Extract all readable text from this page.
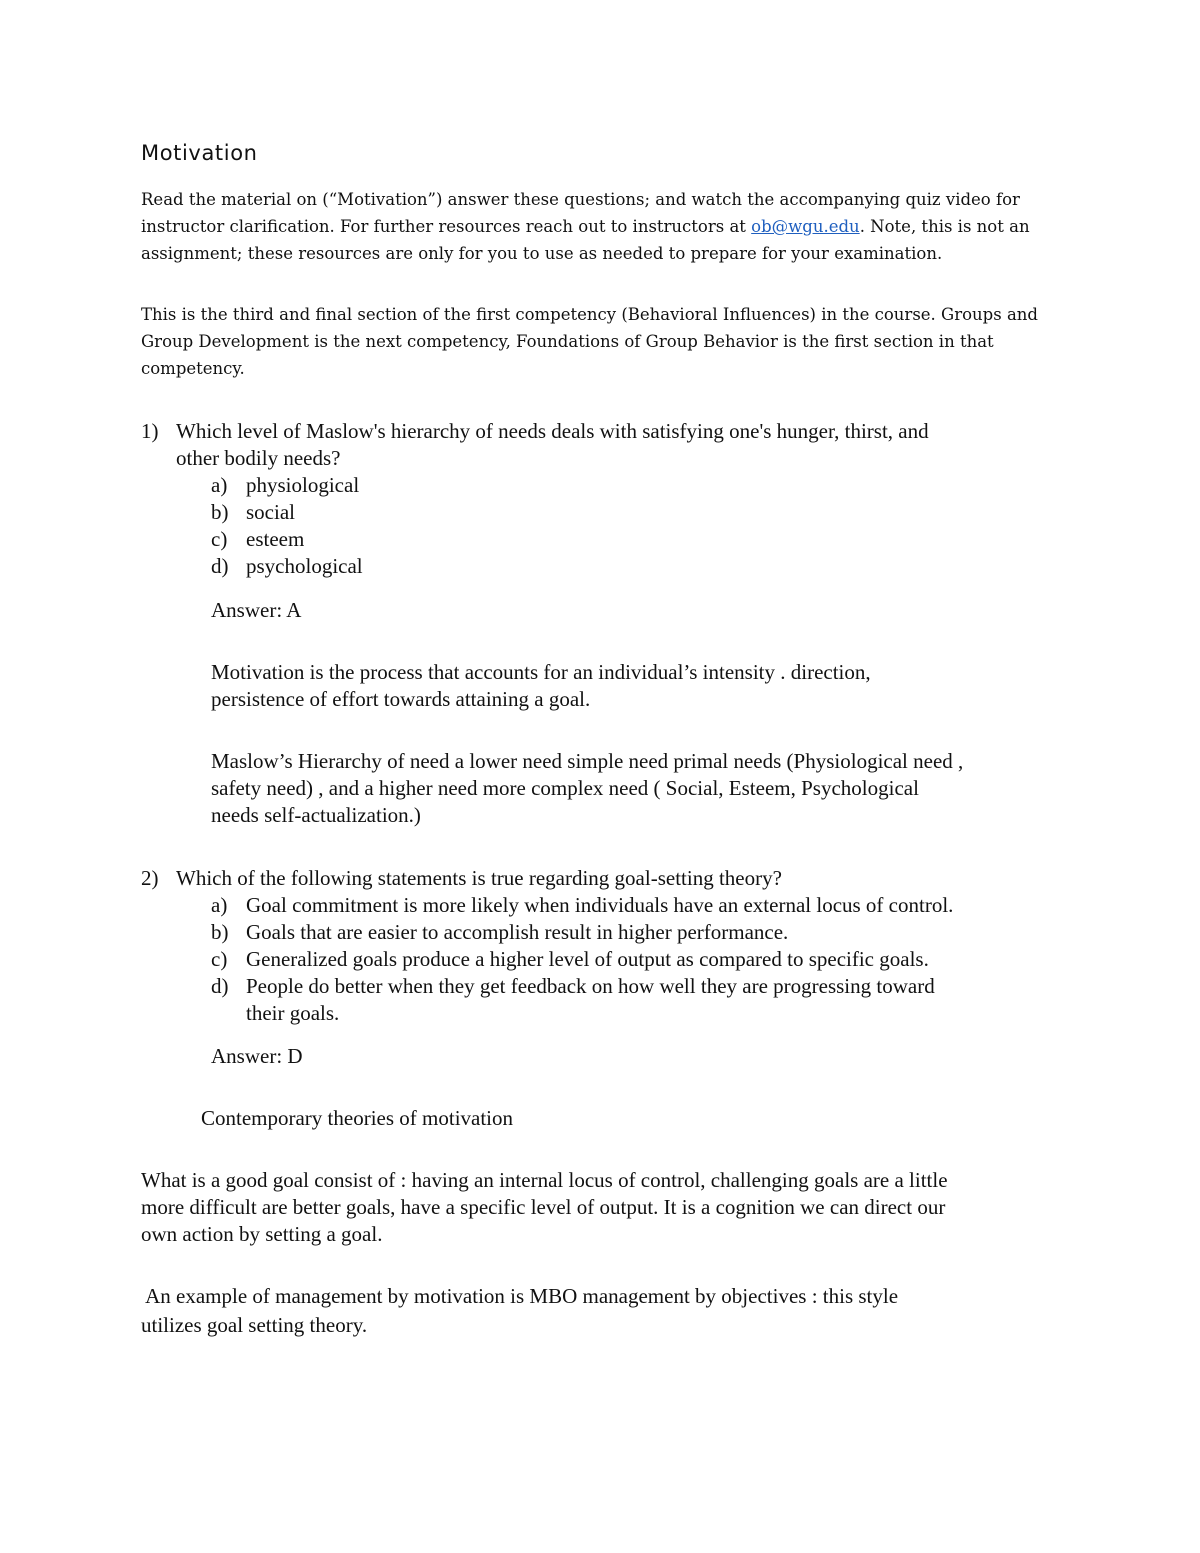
Motivation
Read the material on (“Motivation”) answer these questions; and watch the accompanying quiz video for instructor clarification. For further resources reach out to instructors at ob@wgu.edu. Note, this is not an assignment; these resources are only for you to use as needed to prepare for your examination.
This is the third and final section of the first competency (Behavioral Influences) in the course. Groups and Group Development is the next competency, Foundations of Group Behavior is the first section in that competency.
1) Which level of Maslow's hierarchy of needs deals with satisfying one's hunger, thirst, and
other bodily needs?
a) physiological
b) social
c) esteem
d) psychological
Answer: A
Motivation is the process that accounts for an individual’s intensity . direction,
persistence of effort towards attaining a goal.
Maslow’s Hierarchy of need a lower need simple need primal needs (Physiological need ,
safety need) , and a higher need more complex need ( Social, Esteem, Psychological
needs self-actualization.)
2) Which of the following statements is true regarding goal-setting theory?
a) Goal commitment is more likely when individuals have an external locus of control.
b) Goals that are easier to accomplish result in higher performance.
c) Generalized goals produce a higher level of output as compared to specific goals.
d) People do better when they get feedback on how well they are progressing toward
their goals.
Answer: D
Contemporary theories of motivation
What is a good goal consist of : having an internal locus of control, challenging goals are a little
more difficult are better goals, have a specific level of output. It is a cognition we can direct our
own action by setting a goal.
An example of management by motivation is MBO management by objectives : this style
utilizes goal setting theory.
